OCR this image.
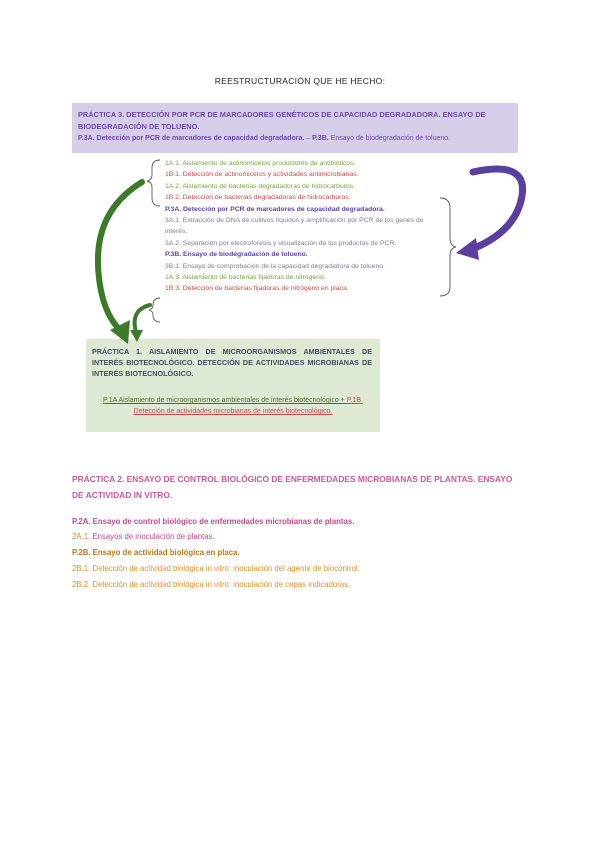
REESTRUCTURACIÓN QUE HE HECHO:
PRÁCTICA 3. DETECCIÓN POR PCR DE MARCADORES GENÉTICOS DE CAPACIDAD DEGRADADORA. ENSAYO DE BIODEGRADACIÓN DE TOLUENO.
P.3A. Detección por PCR de marcadores de capacidad degradadora. – P.3B. Ensayo de biodegradación de tolueno.
1A.1. Aislamiento de actinomicetos productores de antibióticos.
1B.1. Detección de actinomicetos y actividades antimicrobianas.
1A.2. Aislamiento de bacterias degradadoras de hidrocarburos.
1B.2. Detección de bacterias degradadoras de hidrocarburos.
P.3A. Detección por PCR de marcadores de capacidad degradadora.
3A.1. Extracción de DNA de cultivos líquidos y amplificación por PCR de los genes de interés.
3A.2. Separación por electroforesis y visualización de los productos de PCR.
P.3B. Ensayo de biodegradación de tolueno.
3B.1. Ensayo de comprobación de la capacidad degradadora de tolueno.
1A.3. Aislamiento de bacterias fijadoras de nitrógeno.
1B.3. Detección de bacterias fijadoras de nitrógeno en placa.
PRÁCTICA 1. AISLAMIENTO DE MICROORGANISMOS AMBIENTALES DE INTERÉS BIOTECNOLÓGICO. DETECCIÓN DE ACTIVIDADES MICROBIANAS DE INTERÉS BIOTECNOLÓGICO.
P.1A Aislamiento de microorganismos ambientales de interés biotecnológico + P.1B. Detección de actividades microbianas de interés biotecnológico.
PRÁCTICA 2. ENSAYO DE CONTROL BIOLÓGICO DE ENFERMEDADES MICROBIANAS DE PLANTAS. ENSAYO DE ACTIVIDAD IN VITRO.
P.2A. Ensayo de control biológico de enfermedades microbianas de plantas.
2A.1. Ensayos de inoculación de plantas.
P.2B. Ensayo de actividad biológica en placa.
2B.1. Detección de actividad biológica in vitro: inoculación del agente de biocontrol.
2B.2. Detección de actividad biológica in vitro: inoculación de cepas indicadoras.
